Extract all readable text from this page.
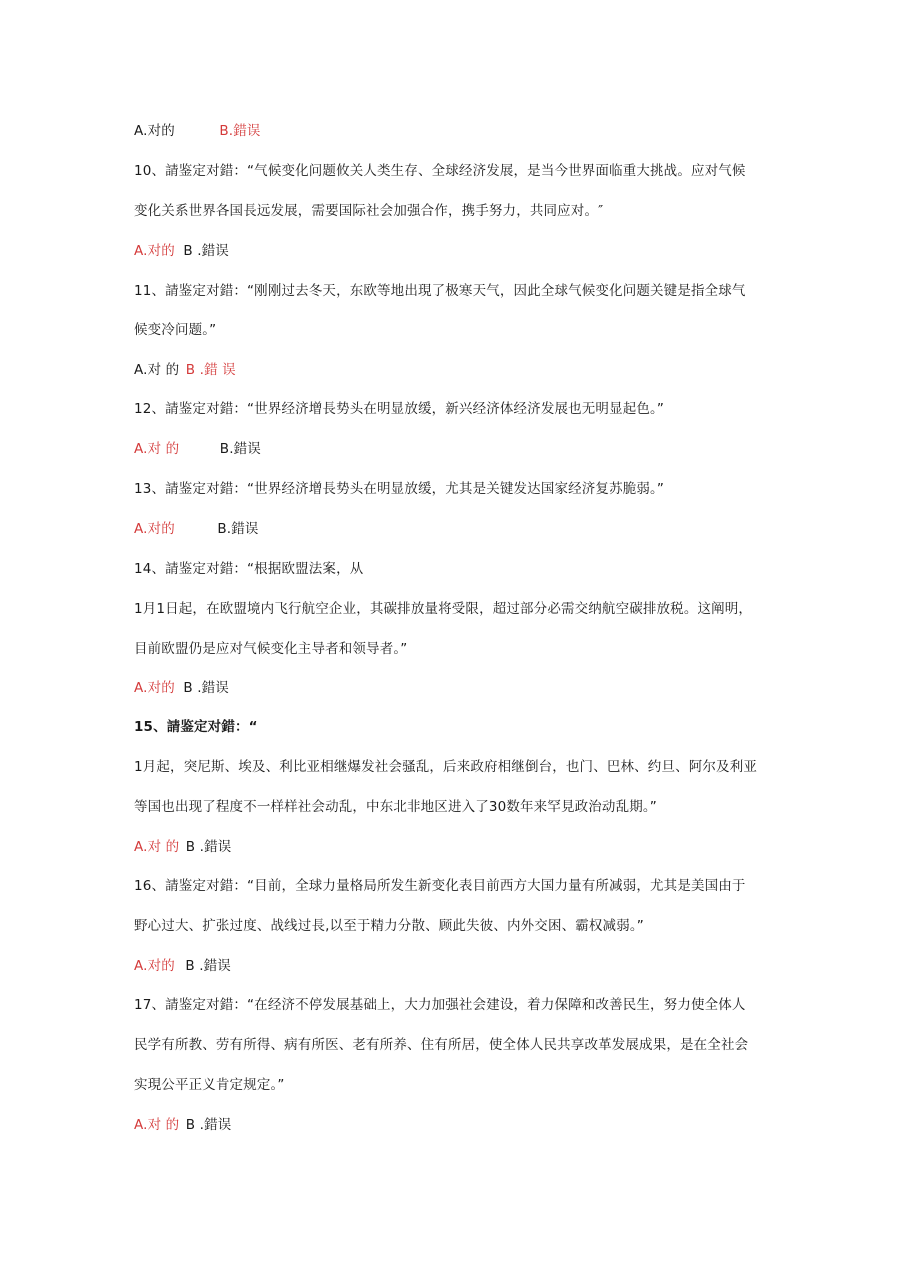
A.对的	B.錯误
10、請鉴定对錯：“气候变化问题攸关人类生存、全球经济发展，是当今世界面临重大挑战。应对气候
变化关系世界各国長远发展，需要国际社会加强合作，携手努力，共同应对。″
A.对的 B .錯误
11、請鉴定对錯：“刚刚过去冬天，东欧等地出現了极寒天气，因此全球气候变化问题关键是指全球气
候变冷问题。”
A.对 的 B .錯 误
12、請鉴定对錯：“世界经济增長势头在明显放缓，新兴经济体经济发展也无明显起色。”
A.对 的	B.錯误
13、請鉴定对錯：“世界经济增長势头在明显放缓，尤其是关键发达国家经济复苏脆弱。”
A.对的	B.錯误
14、請鉴定对錯：“根据欧盟法案，从
1月1日起，在欧盟境内飞行航空企业，其碳排放量将受限，超过部分必需交纳航空碳排放税。这阐明，
目前欧盟仍是应对气候变化主导者和领导者。”
A.对的 B .錯误
15、請鉴定对錯：“
1月起，突尼斯、埃及、利比亚相继爆发社会骚乱，后来政府相继倒台，也门、巴林、约旦、阿尔及利亚
等国也出现了程度不一样样社会动乱，中东北非地区进入了30数年来罕見政治动乱期。”
A.对 的 B .錯误
16、請鉴定对錯：“目前，全球力量格局所发生新变化表目前西方大国力量有所减弱，尤其是美国由于
野心过大、扩张过度、战线过長,以至于精力分散、顾此失彼、内外交困、霸权减弱。”
A.对的 B .錯误
17、請鉴定对錯：“在经济不停发展基础上，大力加强社会建设，着力保障和改善民生，努力使全体人
民学有所教、劳有所得、病有所医、老有所养、住有所居，使全体人民共享改革发展成果，是在全社会
实現公平正义肯定规定。”
A.对 的 B .錯误
